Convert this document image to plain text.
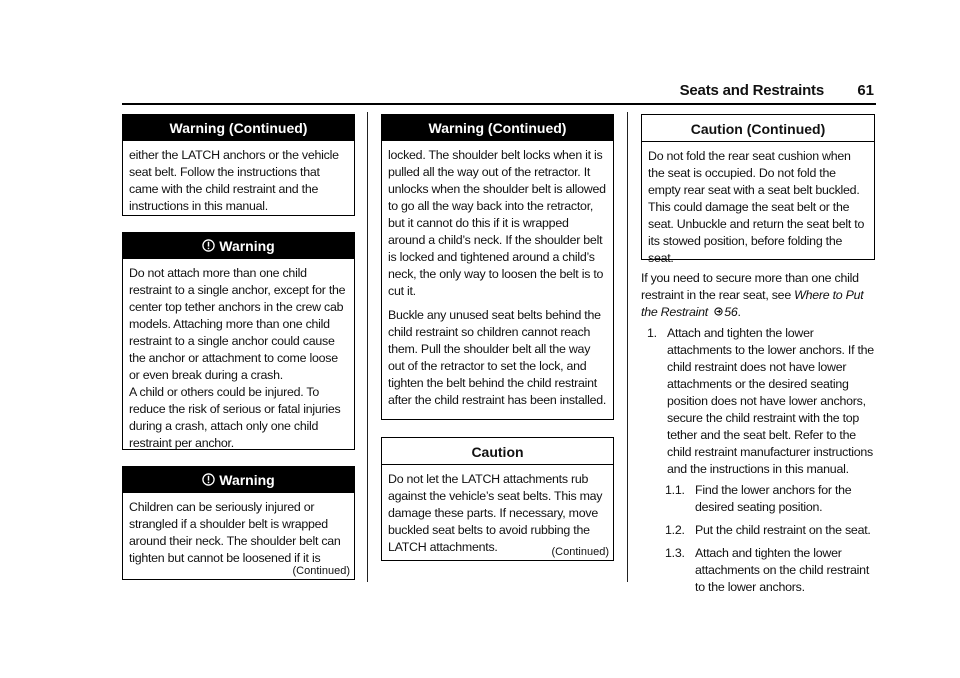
Seats and Restraints 61
Warning (Continued)

either the LATCH anchors or the vehicle seat belt. Follow the instructions that came with the child restraint and the instructions in this manual.

Warning

Do not attach more than one child restraint to a single anchor, except for the center top tether anchors in the crew cab models. Attaching more than one child restraint to a single anchor could cause the anchor or attachment to come loose or even break during a crash.

A child or others could be injured. To reduce the risk of serious or fatal injuries during a crash, attach only one child restraint per anchor.

Warning

Children can be seriously injured or strangled if a shoulder belt is wrapped around their neck. The shoulder belt can tighten but cannot be loosened if it is

(Continued)
Warning (Continued)

locked. The shoulder belt locks when it is pulled all the way out of the retractor. It unlocks when the shoulder belt is allowed to go all the way back into the retractor, but it cannot do this if it is wrapped around a child’s neck. If the shoulder belt is locked and tightened around a child’s neck, the only way to loosen the belt is to cut it.

Buckle any unused seat belts behind the child restraint so children cannot reach them. Pull the shoulder belt all the way out of the retractor to set the lock, and tighten the belt behind the child restraint after the child restraint has been installed.

Caution

Do not let the LATCH attachments rub against the vehicle’s seat belts. This may damage these parts. If necessary, move buckled seat belts to avoid rubbing the LATCH attachments.	(Continued)
Caution (Continued)

Do not fold the rear seat cushion when the seat is occupied. Do not fold the empty rear seat with a seat belt buckled. This could damage the seat belt or the seat. Unbuckle and return the seat belt to its stowed position, before folding the seat.

If you need to secure more than one child restraint in the rear seat, see Where to Put the Restraint 56.

1. Attach and tighten the lower attachments to the lower anchors. If the child restraint does not have lower attachments or the desired seating position does not have lower anchors, secure the child restraint with the top tether and the seat belt. Refer to the child restraint manufacturer instructions and the instructions in this manual.
1.1. Find the lower anchors for the desired seating position.
1.2. Put the child restraint on the seat.
1.3. Attach and tighten the lower attachments on the child restraint to the lower anchors.
